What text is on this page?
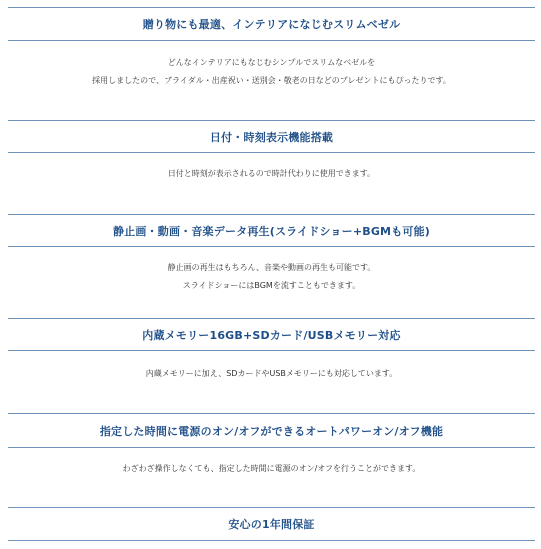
贈り物にも最適、インテリアになじむスリムベゼル
どんなインテリアにもなじむシンプルでスリムなベゼルを
採用しましたので、ブライダル・出産祝い・送別会・敬老の日などのプレゼントにもぴったりです。
日付・時刻表示機能搭載
日付と時刻が表示されるので時計代わりに使用できます。
静止画・動画・音楽データ再生(スライドショー+BGMも可能)
静止画の再生はもちろん、音楽や動画の再生も可能です。
スライドショーにはBGMを流すこともできます。
内蔵メモリー16GB+SDカード/USBメモリー対応
内蔵メモリーに加え、SDカードやUSBメモリーにも対応しています。
指定した時間に電源のオン/オフができるオートパワーオン/オフ機能
わざわざ操作しなくても、指定した時間に電源のオン/オフを行うことができます。
安心の1年間保証
